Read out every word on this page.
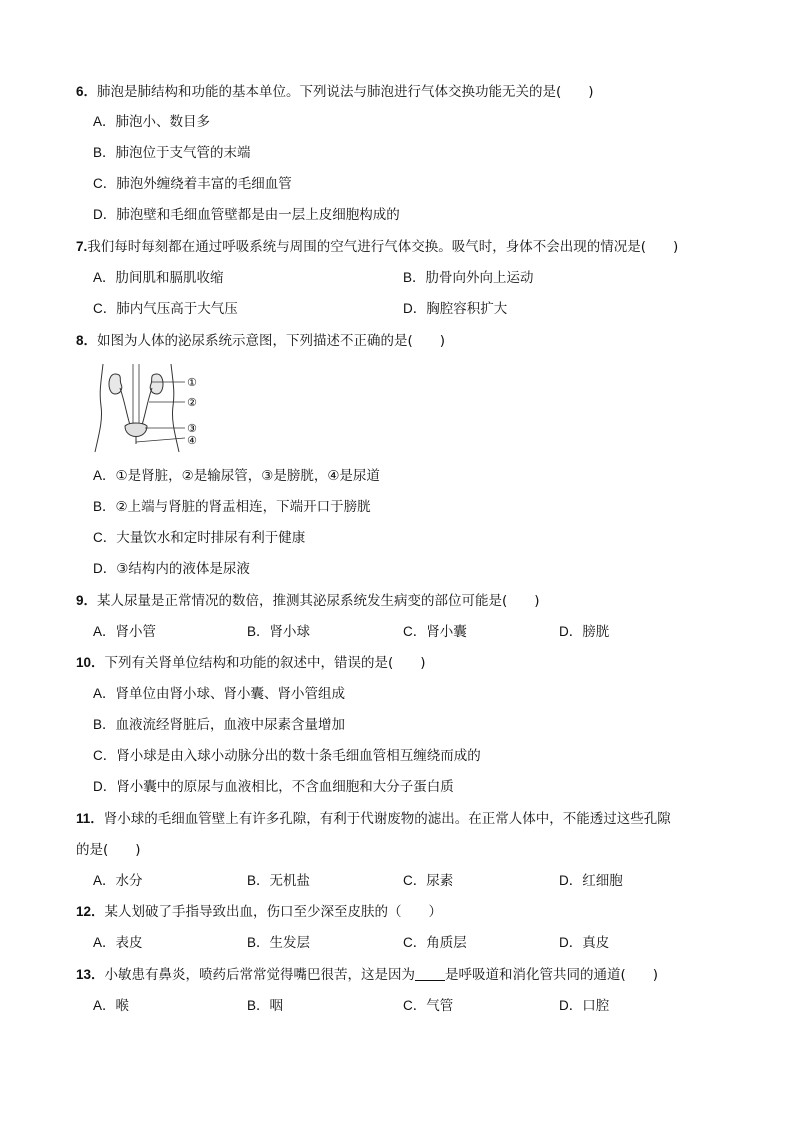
6．肺泡是肺结构和功能的基本单位。下列说法与肺泡进行气体交换功能无关的是(　　)
A．肺泡小、数目多
B．肺泡位于支气管的末端
C．肺泡外缠绕着丰富的毛细血管
D．肺泡壁和毛细血管壁都是由一层上皮细胞构成的
7.我们每时每刻都在通过呼吸系统与周围的空气进行气体交换。吸气时，身体不会出现的情况是(　　)
A．肋间肌和膈肌收缩	B．肋骨向外向上运动
C．肺内气压高于大气压	D．胸腔容积扩大
8．如图为人体的泌尿系统示意图，下列描述不正确的是(　　)
①
②
③
④
A．①是肾脏，②是输尿管，③是膀胱，④是尿道
B．②上端与肾脏的肾盂相连，下端开口于膀胱
C．大量饮水和定时排尿有利于健康
D．③结构内的液体是尿液
9．某人尿量是正常情况的数倍，推测其泌尿系统发生病变的部位可能是(　　)
A．肾小管	B．肾小球	C．肾小囊	D．膀胱
10．下列有关肾单位结构和功能的叙述中，错误的是(　　)
A．肾单位由肾小球、肾小囊、肾小管组成
B．血液流经肾脏后，血液中尿素含量增加
C．肾小球是由入球小动脉分出的数十条毛细血管相互缠绕而成的
D．肾小囊中的原尿与血液相比，不含血细胞和大分子蛋白质
11．肾小球的毛细血管壁上有许多孔隙，有利于代谢废物的滤出。在正常人体中，不能透过这些孔隙
的是(　　)
A．水分	B．无机盐	C．尿素	D．红细胞
12．某人划破了手指导致出血，伤口至少深至皮肤的（　　）
A．表皮	B．生发层	C．角质层	D．真皮
13．小敏患有鼻炎，喷药后常常觉得嘴巴很苦，这是因为 是呼吸道和消化管共同的通道(　　)
A．喉	B．咽	C．气管	D．口腔
